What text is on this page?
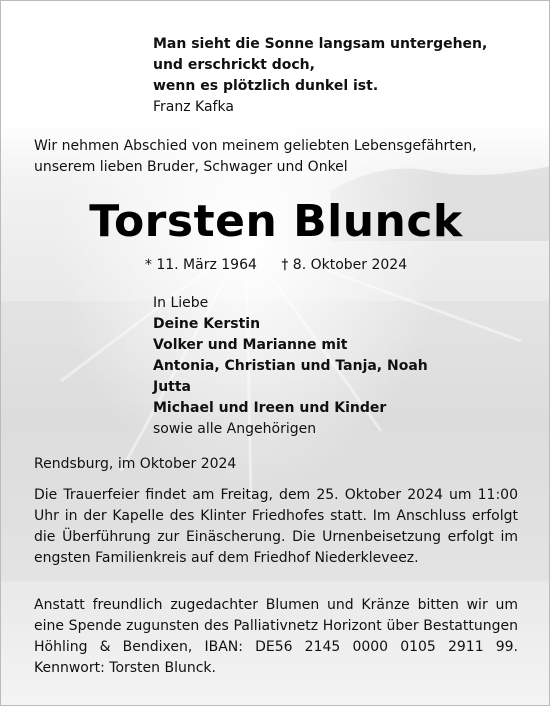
Man sieht die Sonne langsam untergehen,
und erschrickt doch,
wenn es plötzlich dunkel ist.
Franz Kafka
Wir nehmen Abschied von meinem geliebten Lebensgefährten,
unserem lieben Bruder, Schwager und Onkel
Torsten Blunck
* 11. März 1964 † 8. Oktober 2024
In Liebe
Deine Kerstin
Volker und Marianne mit
Antonia, Christian und Tanja, Noah
Jutta
Michael und Ireen und Kinder
sowie alle Angehörigen
Rendsburg, im Oktober 2024
Die Trauerfeier findet am Freitag, dem 25. Oktober 2024 um 11:00 Uhr in der Kapelle des Klinter Friedhofes statt. Im Anschluss erfolgt die Überführung zur Einäscherung. Die Urnenbeisetzung erfolgt im engsten Familienkreis auf dem Friedhof Niederkleveez.
Anstatt freundlich zugedachter Blumen und Kränze bitten wir um eine Spende zugunsten des Palliativnetz Horizont über Bestattungen Höhling & Bendixen, IBAN: DE56 2145 0000 0105 2911 99. Kennwort: Torsten Blunck.
